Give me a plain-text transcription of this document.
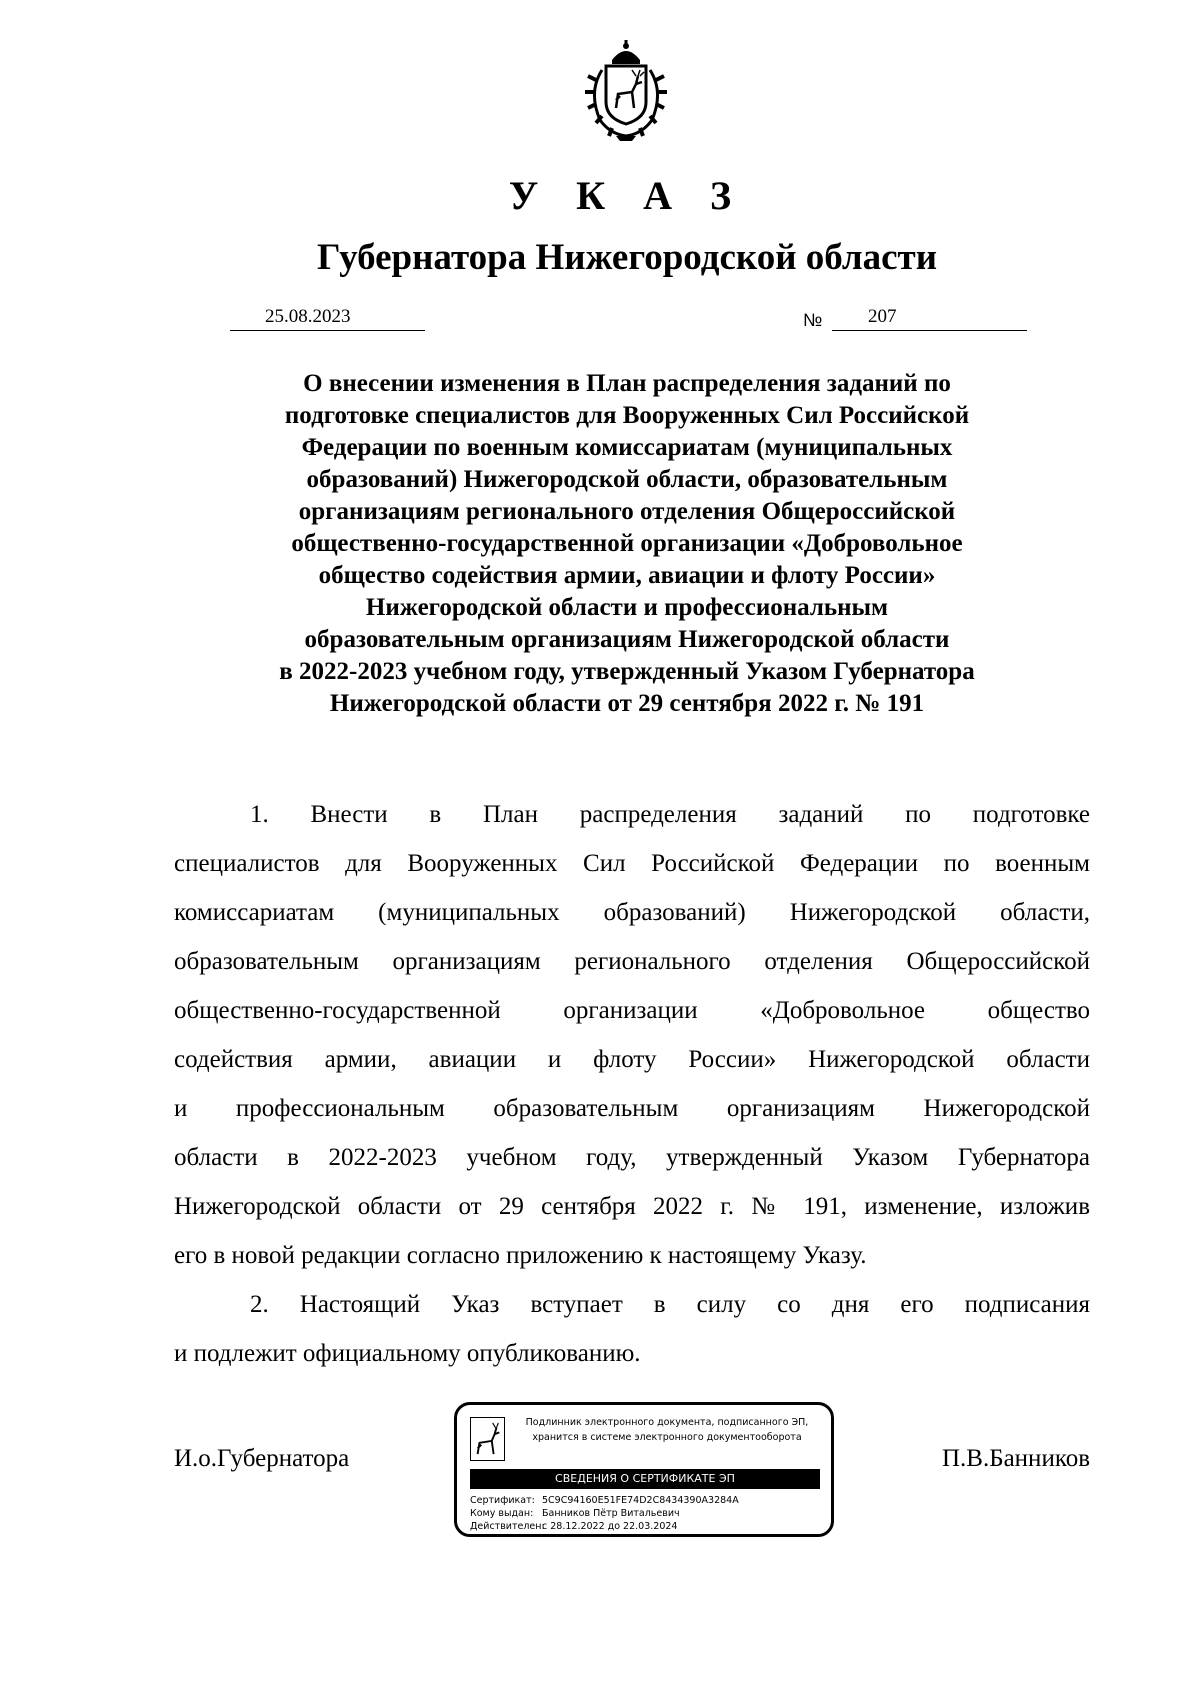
У К А З
Губернатора Нижегородской области
25.08.2023	№ 207
О внесении изменения в План распределения заданий по
подготовке специалистов для Вооруженных Сил Российской
Федерации по военным комиссариатам (муниципальных
образований) Нижегородской области, образовательным
организациям регионального отделения Общероссийской
общественно-государственной организации «Добровольное
общество содействия армии, авиации и флоту России»
Нижегородской области и профессиональным
образовательным организациям Нижегородской области
в 2022-2023 учебном году, утвержденный Указом Губернатора
Нижегородской области от 29 сентября 2022 г. № 191
1. Внести в План распределения заданий по подготовке
специалистов для Вооруженных Сил Российской Федерации по военным
комиссариатам (муниципальных образований) Нижегородской области,
образовательным организациям регионального отделения Общероссийской
общественно-государственной организации «Добровольное общество
содействия армии, авиации и флоту России» Нижегородской области
и профессиональным образовательным организациям Нижегородской
области в 2022-2023 учебном году, утвержденный Указом Губернатора
Нижегородской области от 29 сентября 2022 г. № 191, изменение, изложив
его в новой редакции согласно приложению к настоящему Указу.
2. Настоящий Указ вступает в силу со дня его подписания
и подлежит официальному опубликованию.
И.о.Губернатора	П.В.Банников
Подлинник электронного документа, подписанного ЭП,
хранится в системе электронного документооборота
СВЕДЕНИЯ О СЕРТИФИКАТЕ ЭП
Сертификат: 5C9C94160E51FE74D2C8434390A3284A
Кому выдан: Банников Пётр Витальевич
Действителен:с 28.12.2022 до 22.03.2024
